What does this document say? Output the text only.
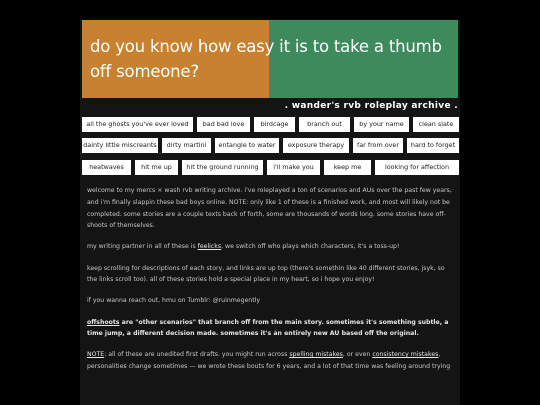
do you know how easy it is to take a thumb off someone?
. wander's rvb roleplay archive .
all the ghosts you've ever loved	bad bad love	birdcage	branch out	by your name	clean slate
dainty little miscreants	dirty martini	entangle to water	exposure therapy	far from over	hard to forget
heatwaves	hit me up	hit the ground running	i'll make you	keep me	looking for affection

welcome to my mercs × wash rvb writing archive. i've roleplayed a ton of scenarios and AUs over the past few years, and i'm finally slappin these bad boys online. NOTE: only like 1 of these is a finished work, and most will likely not be completed. some stories are a couple texts back of forth, some are thousands of words long. some stories have off-shoots of themselves.

my writing partner in all of these is feelicks, we switch off who plays which characters, it's a toss-up!

keep scrolling for descriptions of each story, and links are up top (there's somethin like 40 different stories, jsyk, so the links scroll too). all of these stories hold a special place in my heart, so i hope you enjoy!

if you wanna reach out, hmu on Tumblr: @ruinmegently

offshoots are "other scenarios" that branch off from the main story. sometimes it's something subtle, a time jump, a different decision made. sometimes it's an entirely new AU based off the original.

NOTE: all of these are unedited first drafts. you might run across spelling mistakes, or even consistency mistakes, personalities change sometimes — we wrote these bouts for 6 years, and a lot of that time was feeling around trying
